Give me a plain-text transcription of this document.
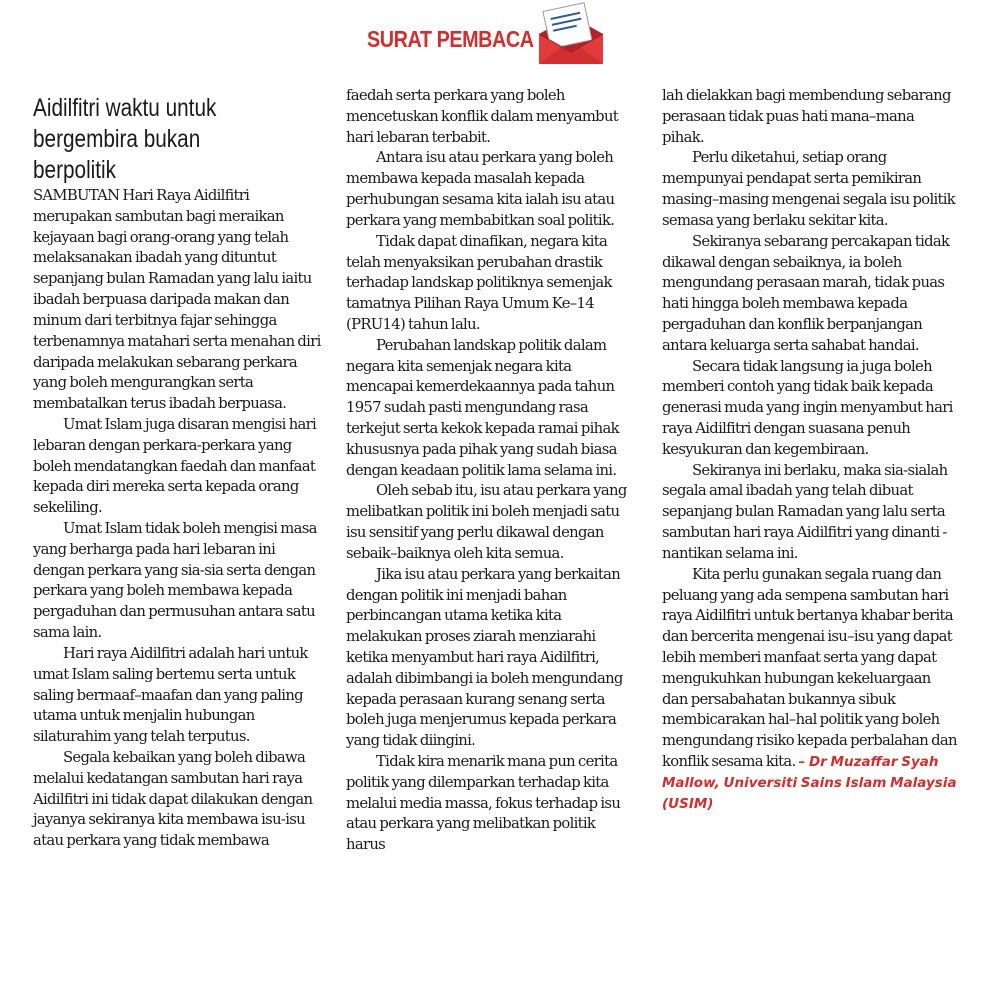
SURAT PEMBACA
Aidilfitri waktu untuk bergembira bukan berpolitik

SAMBUTAN Hari Raya Aidilfitri merupakan sambutan bagi meraikan kejayaan bagi orang-orang yang telah melaksanakan ibadah yang dituntut sepanjang bulan Ramadan yang lalu iaitu ibadah berpuasa daripada makan dan minum dari terbitnya fajar sehingga terbenamnya matahari serta menahan diri daripada melakukan sebarang perkara yang boleh mengurangkan serta membatalkan terus ibadah berpuasa.

Umat Islam juga disaran mengisi hari lebaran dengan perkara-perkara yang boleh mendatangkan faedah dan manfaat kepada diri mereka serta kepada orang sekeliling.

Umat Islam tidak boleh mengisi masa yang berharga pada hari lebaran ini dengan perkara yang sia-sia serta dengan perkara yang boleh membawa kepada pergaduhan dan permusuhan antara satu sama lain.

Hari raya Aidilfitri adalah hari untuk umat Islam saling bertemu serta untuk saling bermaaf–maafan dan yang paling utama untuk menjalin hubungan silaturahim yang telah terputus.

Segala kebaikan yang boleh dibawa melalui kedatangan sambutan hari raya Aidilfitri ini tidak dapat dilakukan dengan jayanya sekiranya kita membawa isu-isu atau perkara yang tidak membawa

faedah serta perkara yang boleh mencetuskan konflik dalam menyambut hari lebaran terbabit.

Antara isu atau perkara yang boleh membawa kepada masalah kepada perhubungan sesama kita ialah isu atau perkara yang membabitkan soal politik.

Tidak dapat dinafikan, negara kita telah menyaksikan perubahan drastik terhadap landskap politiknya semenjak tamatnya Pilihan Raya Umum Ke–14 (PRU14) tahun lalu.

Perubahan landskap politik dalam negara kita semenjak negara kita mencapai kemerdekaannya pada tahun 1957 sudah pasti mengundang rasa terkejut serta kekok kepada ramai pihak khususnya pada pihak yang sudah biasa dengan keadaan politik lama selama ini.

Oleh sebab itu, isu atau perkara yang melibatkan politik ini boleh menjadi satu isu sensitif yang perlu dikawal dengan sebaik–baiknya oleh kita semua.

Jika isu atau perkara yang berkaitan dengan politik ini menjadi bahan perbincangan utama ketika kita melakukan proses ziarah menziarahi ketika menyambut hari raya Aidilfitri, adalah dibimbangi ia boleh mengundang kepada perasaan kurang senang serta boleh juga menjerumus kepada perkara yang tidak diingini.

Tidak kira menarik mana pun cerita politik yang dilemparkan terhadap kita melalui media massa, fokus terhadap isu atau perkara yang melibatkan politik harus

lah dielakkan bagi membendung sebarang perasaan tidak puas hati mana–mana pihak.

Perlu diketahui, setiap orang mempunyai pendapat serta pemikiran masing–masing mengenai segala isu politik semasa yang berlaku sekitar kita.

Sekiranya sebarang percakapan tidak dikawal dengan sebaiknya, ia boleh mengundang perasaan marah, tidak puas hati hingga boleh membawa kepada pergaduhan dan konflik berpanjangan antara keluarga serta sahabat handai.

Secara tidak langsung ia juga boleh memberi contoh yang tidak baik kepada generasi muda yang ingin menyambut hari raya Aidilfitri dengan suasana penuh kesyukuran dan kegembiraan.

Sekiranya ini berlaku, maka sia-sialah segala amal ibadah yang telah dibuat sepanjang bulan Ramadan yang lalu serta sambutan hari raya Aidilfitri yang dinanti -nantikan selama ini.

Kita perlu gunakan segala ruang dan peluang yang ada sempena sambutan hari raya Aidilfitri untuk bertanya khabar berita dan bercerita mengenai isu–isu yang dapat lebih memberi manfaat serta yang dapat mengukuhkan hubungan kekeluargaan dan persabahatan bukannya sibuk membicarakan hal–hal politik yang boleh mengundang risiko kepada perbalahan dan konflik sesama kita. – Dr Muzaffar Syah Mallow, Universiti Sains Islam Malaysia (USIM)
